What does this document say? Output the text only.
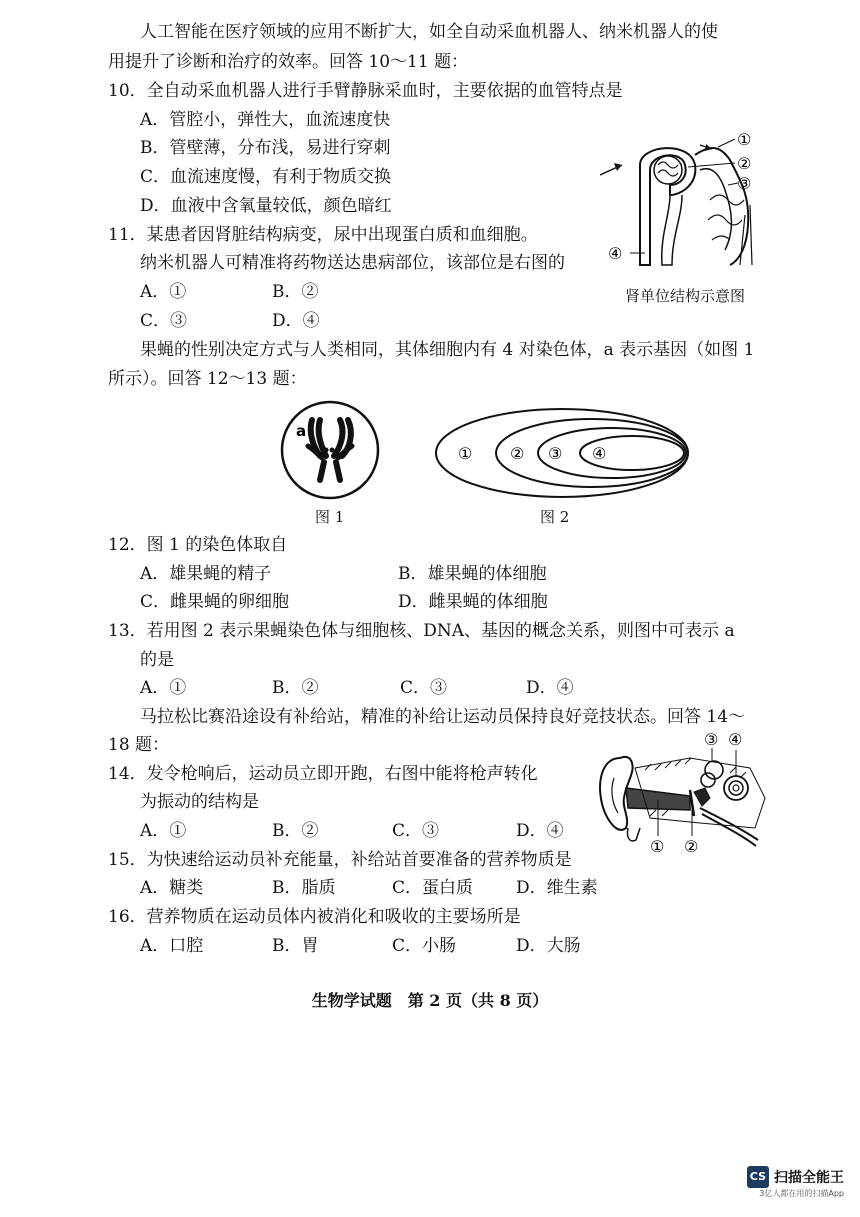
人工智能在医疗领域的应用不断扩大，如全自动采血机器人、纳米机器人的使
用提升了诊断和治疗的效率。回答 10～11 题：
10．全自动采血机器人进行手臂静脉采血时，主要依据的血管特点是
A．管腔小，弹性大，血流速度快
B．管壁薄，分布浅，易进行穿刺
C．血流速度慢，有利于物质交换
D．血液中含氧量较低，颜色暗红
11．某患者因肾脏结构病变，尿中出现蛋白质和血细胞。
纳米机器人可精准将药物送达患病部位，该部位是右图的
A．①	B．②
C．③	D．④
①
②
③
④
肾单位结构示意图
果蝇的性别决定方式与人类相同，其体细胞内有 4 对染色体，a 表示基因（如图 1
所示）。回答 12～13 题：
a
图 1
① ② ③ ④
图 2
12．图 1 的染色体取自
A．雄果蝇的精子	B．雄果蝇的体细胞
C．雌果蝇的卵细胞	D．雌果蝇的体细胞
13．若用图 2 表示果蝇染色体与细胞核、DNA、基因的概念关系，则图中可表示 a
的是
A．①	B．②	C．③	D．④
马拉松比赛沿途设有补给站，精准的补给让运动员保持良好竞技状态。回答 14～
18 题：	③ ④
① ②
14．发令枪响后，运动员立即开跑，右图中能将枪声转化
为振动的结构是
A．①	B．②	C．③	D．④
15．为快速给运动员补充能量，补给站首要准备的营养物质是
A．糖类	B．脂质	C．蛋白质	D．维生素
16．营养物质在运动员体内被消化和吸收的主要场所是
A．口腔	B．胃	C．小肠	D．大肠
生物学试题　第 2 页（共 8 页）
CS 扫描全能王
3亿人都在用的扫描App
